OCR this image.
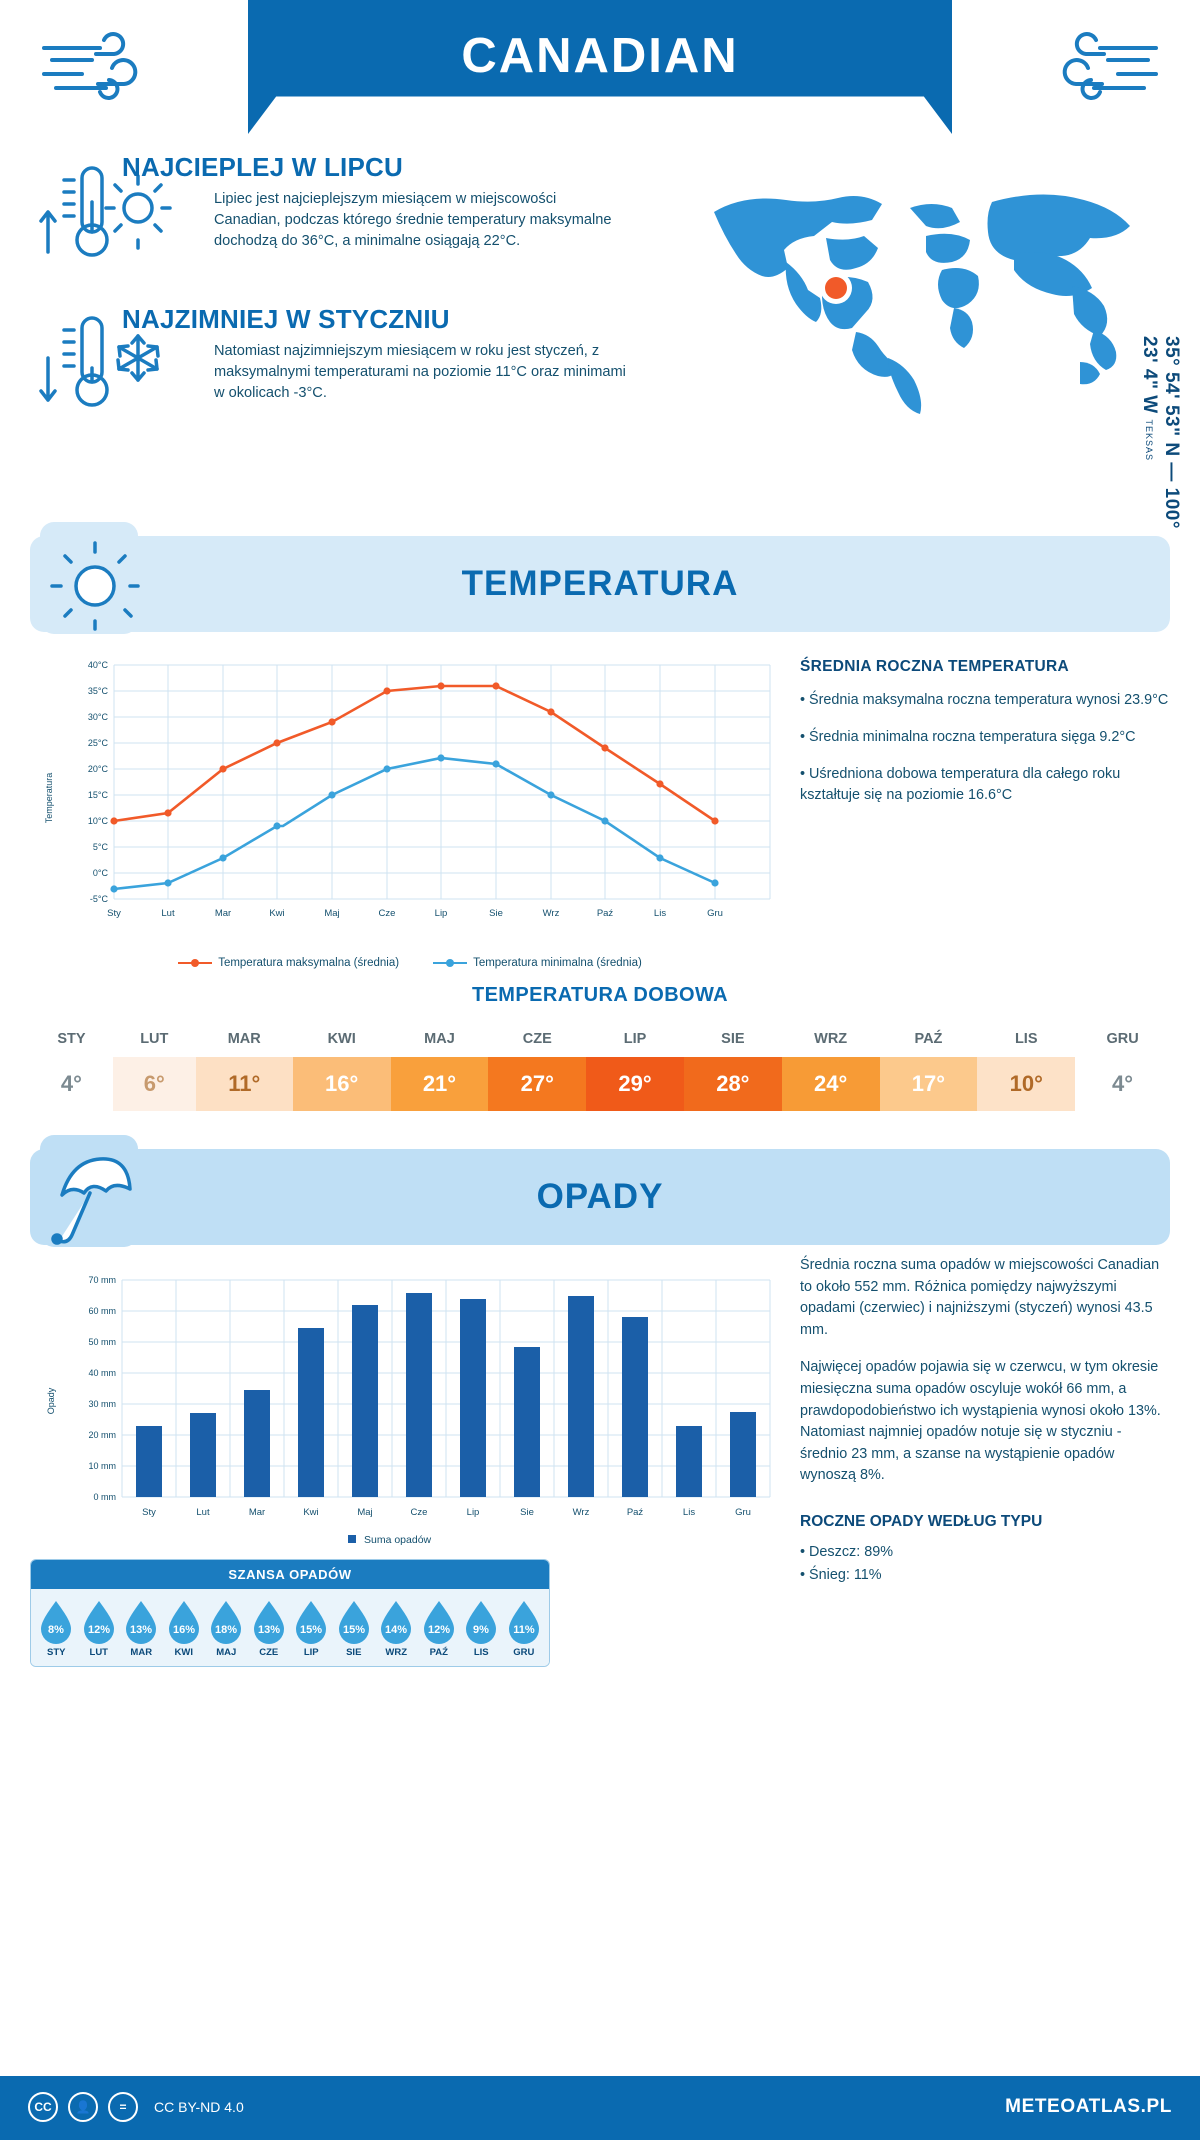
CANADIAN
STANY ZJEDNOCZONE
NAJCIEPLEJ W LIPCU
Lipiec jest najcieplejszym miesiącem w miejscowości Canadian, podczas którego średnie temperatury maksymalne dochodzą do 36°C, a minimalne osiągają 22°C.
NAJZIMNIEJ W STYCZNIU
Natomiast najzimniejszym miesiącem w roku jest styczeń, z maksymalnymi temperaturami na poziomie 11°C oraz minimami w okolicach -3°C.	35° 54' 53" N — 100° 23' 4" W TEKSAS
TEMPERATURA
Temperatura
40°C
35°C
30°C
25°C
20°C
15°C
10°C
5°C
0°C
-5°C
Sty	Lut	Mar	Kwi	Maj	Cze	Lip	Sie	Wrz	Paź	Lis	Gru
Temperatura maksymalna (średnia)	Temperatura minimalna (średnia)
ŚREDNIA ROCZNA TEMPERATURA

• Średnia maksymalna roczna temperatura wynosi 23.9°C

• Średnia minimalna roczna temperatura sięga 9.2°C

• Uśredniona dobowa temperatura dla całego roku kształtuje się na poziomie 16.6°C

TEMPERATURA DOBOWA
STY	LUT	MAR	KWI	MAJ	CZE	LIP	SIE	WRZ	PAŹ	LIS	GRU
4°	6°	11°	16°	21°	27°	29°	28°	24°	17°	10°	4°
OPADY
Opady
70 mm
60 mm
50 mm
40 mm
30 mm
20 mm
10 mm
0 mm
Sty	Lut	Mar	Kwi	Maj	Cze	Lip	Sie	Wrz	Paź	Lis	Gru
Suma opadów

Średnia roczna suma opadów w miejscowości Canadian to około 552 mm. Różnica pomiędzy najwyższymi opadami (czerwiec) i najniższymi (styczeń) wynosi 43.5 mm.

Najwięcej opadów pojawia się w czerwcu, w tym okresie miesięczna suma opadów oscyluje wokół 66 mm, a prawdopodobieństwo ich wystąpienia wynosi około 13%. Natomiast najmniej opadów notuje się w styczniu - średnio 23 mm, a szanse na wystąpienie opadów wynoszą 8%.

ROCZNE OPADY WEDŁUG TYPU
• Deszcz: 89%
• Śnieg: 11%
SZANSA OPADÓW
8%
STY
12%
LUT
13%
MAR
16%
KWI
18%
MAJ
13%
CZE
15%
LIP
15%
SIE
14%
WRZ
12%
PAŹ
9%
LIS
11%
GRU
CC	👤	=	CC BY-ND 4.0	METEOATLAS.PL
